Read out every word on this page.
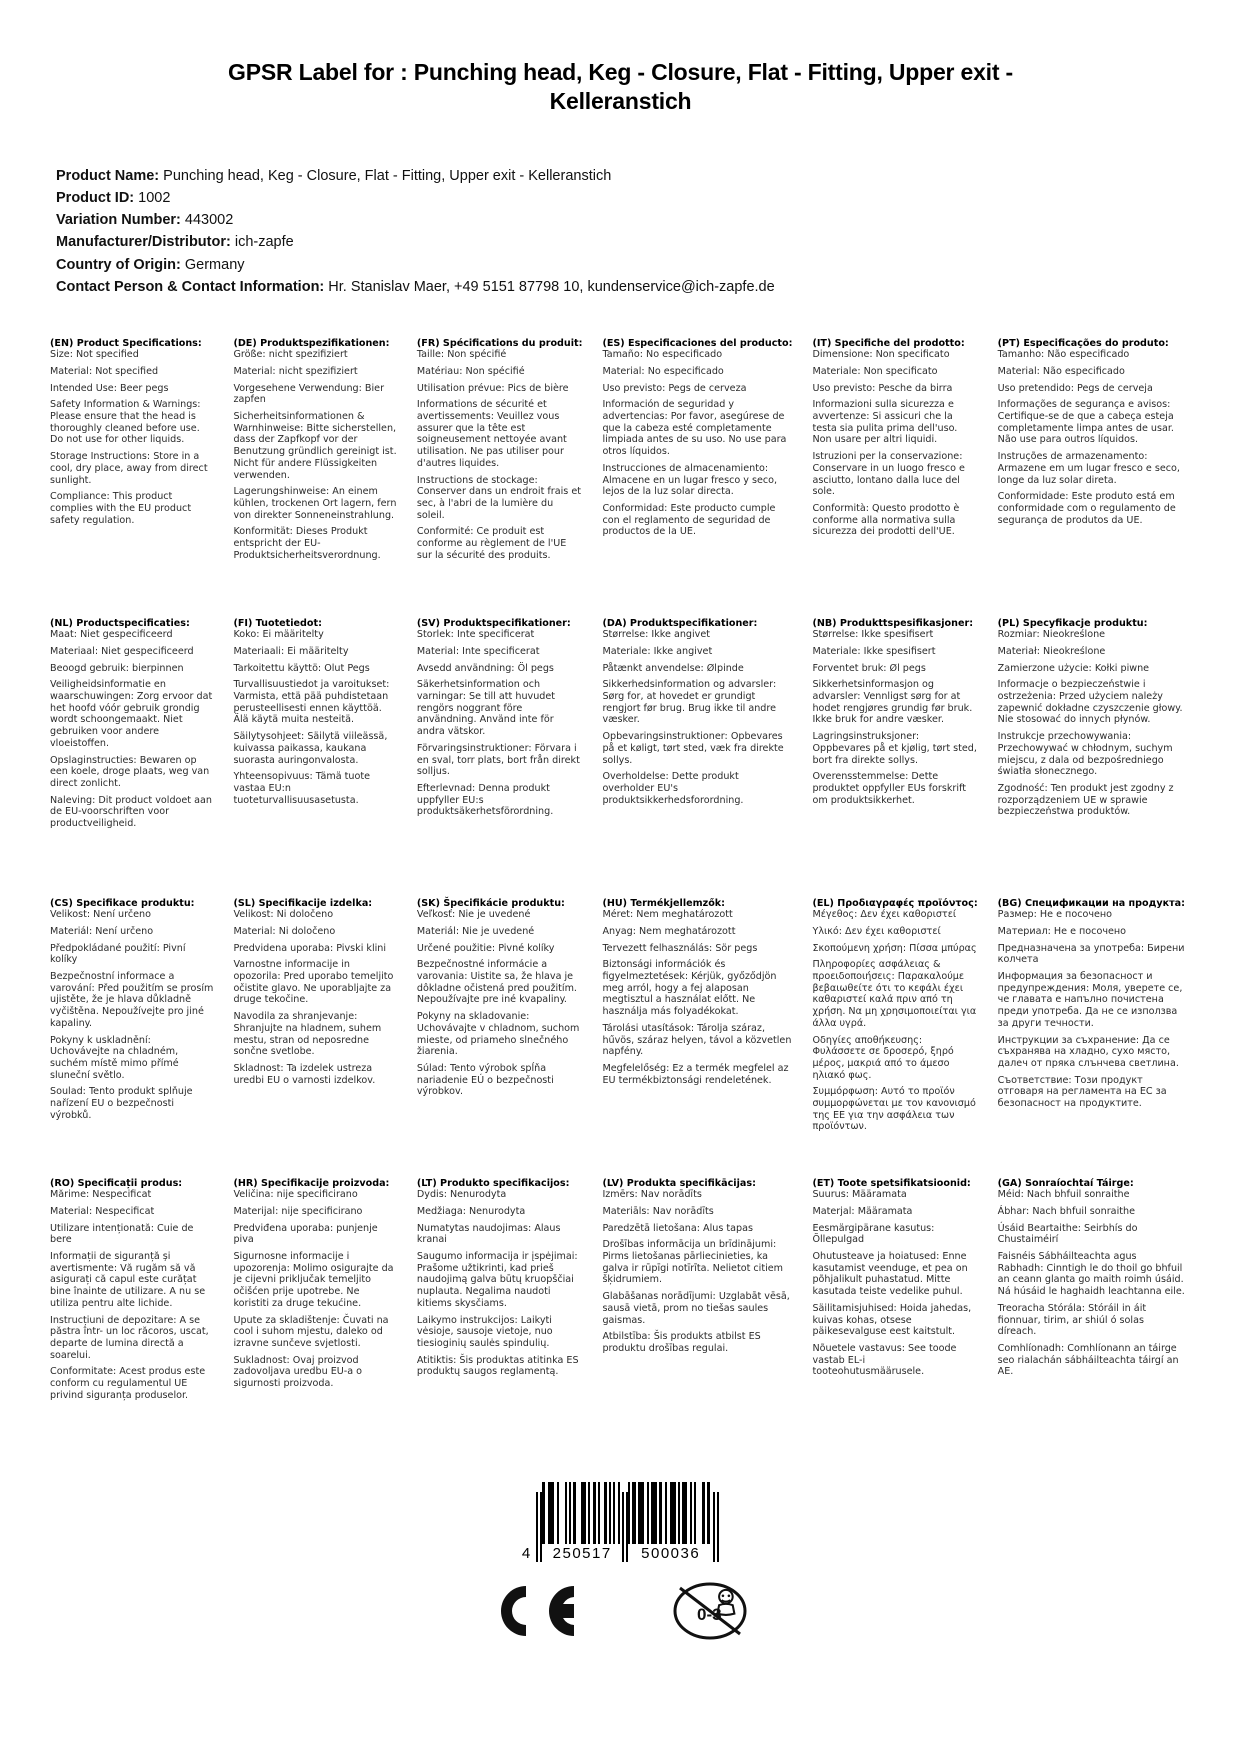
GPSR Label for : Punching head, Keg - Closure, Flat - Fitting, Upper exit - Kelleranstich
Product Name: Punching head, Keg - Closure, Flat - Fitting, Upper exit - Kelleranstich
Product ID: 1002
Variation Number: 443002
Manufacturer/Distributor: ich-zapfe
Country of Origin: Germany
Contact Person & Contact Information: Hr. Stanislav Maer, +49 5151 87798 10, kundenservice@ich-zapfe.de
(EN) Product Specifications:
Size: Not specified
Material: Not specified
Intended Use: Beer pegs
Safety Information & Warnings: Please ensure that the head is thoroughly cleaned before use. Do not use for other liquids.
Storage Instructions: Store in a cool, dry place, away from direct sunlight.
Compliance: This product complies with the EU product safety regulation.
(DE) Produktspezifikationen:
Größe: nicht spezifiziert
Material: nicht spezifiziert
Vorgesehene Verwendung: Bier zapfen
Sicherheitsinformationen & Warnhinweise: Bitte sicherstellen, dass der Zapfkopf vor der Benutzung gründlich gereinigt ist. Nicht für andere Flüssigkeiten verwenden.
Lagerungshinweise: An einem kühlen, trockenen Ort lagern, fern von direkter Sonneneinstrahlung.
Konformität: Dieses Produkt entspricht der EU-Produktsicherheitsverordnung.
(FR) Spécifications du produit:
Taille: Non spécifié
Matériau: Non spécifié
Utilisation prévue: Pics de bière
Informations de sécurité et avertissements: Veuillez vous assurer que la tête est soigneusement nettoyée avant utilisation. Ne pas utiliser pour d'autres liquides.
Instructions de stockage: Conserver dans un endroit frais et sec, à l'abri de la lumière du soleil.
Conformité: Ce produit est conforme au règlement de l'UE sur la sécurité des produits.
(ES) Especificaciones del producto:
Tamaño: No especificado
Material: No especificado
Uso previsto: Pegs de cerveza
Información de seguridad y advertencias: Por favor, asegúrese de que la cabeza esté completamente limpiada antes de su uso. No use para otros líquidos.
Instrucciones de almacenamiento: Almacene en un lugar fresco y seco, lejos de la luz solar directa.
Conformidad: Este producto cumple con el reglamento de seguridad de productos de la UE.
(IT) Specifiche del prodotto:
Dimensione: Non specificato
Materiale: Non specificato
Uso previsto: Pesche da birra
Informazioni sulla sicurezza e avvertenze: Si assicuri che la testa sia pulita prima dell'uso. Non usare per altri liquidi.
Istruzioni per la conservazione: Conservare in un luogo fresco e asciutto, lontano dalla luce del sole.
Conformità: Questo prodotto è conforme alla normativa sulla sicurezza dei prodotti dell'UE.
(PT) Especificações do produto:
Tamanho: Não especificado
Material: Não especificado
Uso pretendido: Pegs de cerveja
Informações de segurança e avisos: Certifique-se de que a cabeça esteja completamente limpa antes de usar. Não use para outros líquidos.
Instruções de armazenamento: Armazene em um lugar fresco e seco, longe da luz solar direta.
Conformidade: Este produto está em conformidade com o regulamento de segurança de produtos da UE.
(NL) Productspecificaties:
Maat: Niet gespecificeerd
Materiaal: Niet gespecificeerd
Beoogd gebruik: bierpinnen
Veiligheidsinformatie en waarschuwingen: Zorg ervoor dat het hoofd vóór gebruik grondig wordt schoongemaakt. Niet gebruiken voor andere vloeistoffen.
Opslaginstructies: Bewaren op een koele, droge plaats, weg van direct zonlicht.
Naleving: Dit product voldoet aan de EU-voorschriften voor productveiligheid.
(FI) Tuotetiedot:
Koko: Ei määritelty
Materiaali: Ei määritelty
Tarkoitettu käyttö: Olut Pegs
Turvallisuustiedot ja varoitukset: Varmista, että pää puhdistetaan perusteellisesti ennen käyttöä. Älä käytä muita nesteitä.
Säilytysohjeet: Säilytä viileässä, kuivassa paikassa, kaukana suorasta auringonvalosta.
Yhteensopivuus: Tämä tuote vastaa EU:n tuoteturvallisuusasetusta.
(SV) Produktspecifikationer:
Storlek: Inte specificerat
Material: Inte specificerat
Avsedd användning: Öl pegs
Säkerhetsinformation och varningar: Se till att huvudet rengörs noggrant före användning. Använd inte för andra vätskor.
Förvaringsinstruktioner: Förvara i en sval, torr plats, bort från direkt solljus.
Efterlevnad: Denna produkt uppfyller EU:s produktsäkerhetsförordning.
(DA) Produktspecifikationer:
Størrelse: Ikke angivet
Materiale: Ikke angivet
Påtænkt anvendelse: Ølpinde
Sikkerhedsinformation og advarsler: Sørg for, at hovedet er grundigt rengjort før brug. Brug ikke til andre væsker.
Opbevaringsinstruktioner: Opbevares på et køligt, tørt sted, væk fra direkte sollys.
Overholdelse: Dette produkt overholder EU's produktsikkerhedsforordning.
(NB) Produkttspesifikasjoner:
Størrelse: Ikke spesifisert
Materiale: Ikke spesifisert
Forventet bruk: Øl pegs
Sikkerhetsinformasjon og advarsler: Vennligst sørg for at hodet rengjøres grundig før bruk. Ikke bruk for andre væsker.
Lagringsinstruksjoner: Oppbevares på et kjølig, tørt sted, bort fra direkte sollys.
Overensstemmelse: Dette produktet oppfyller EUs forskrift om produktsikkerhet.
(PL) Specyfikacje produktu:
Rozmiar: Nieokreślone
Materiał: Nieokreślone
Zamierzone użycie: Kołki piwne
Informacje o bezpieczeństwie i ostrzeżenia: Przed użyciem należy zapewnić dokładne czyszczenie głowy. Nie stosować do innych płynów.
Instrukcje przechowywania: Przechowywać w chłodnym, suchym miejscu, z dala od bezpośredniego światła słonecznego.
Zgodność: Ten produkt jest zgodny z rozporządzeniem UE w sprawie bezpieczeństwa produktów.
(CS) Specifikace produktu:
Velikost: Není určeno
Materiál: Není určeno
Předpokládané použití: Pivní kolíky
Bezpečnostní informace a varování: Před použitím se prosím ujistěte, že je hlava důkladně vyčištěna. Nepoužívejte pro jiné kapaliny.
Pokyny k uskladnění: Uchovávejte na chladném, suchém místě mimo přímé sluneční světlo.
Soulad: Tento produkt splňuje nařízení EU o bezpečnosti výrobků.
(SL) Specifikacije izdelka:
Velikost: Ni določeno
Material: Ni določeno
Predvidena uporaba: Pivski klini
Varnostne informacije in opozorila: Pred uporabo temeljito očistite glavo. Ne uporabljajte za druge tekočine.
Navodila za shranjevanje: Shranjujte na hladnem, suhem mestu, stran od neposredne sončne svetlobe.
Skladnost: Ta izdelek ustreza uredbi EU o varnosti izdelkov.
(SK) Špecifikácie produktu:
Veľkosť: Nie je uvedené
Materiál: Nie je uvedené
Určené použitie: Pivné kolíky
Bezpečnostné informácie a varovania: Uistite sa, že hlava je dôkladne očistená pred použitím. Nepoužívajte pre iné kvapaliny.
Pokyny na skladovanie: Uchovávajte v chladnom, suchom mieste, od priameho slnečného žiarenia.
Súlad: Tento výrobok spĺňa nariadenie EÚ o bezpečnosti výrobkov.
(HU) Termékjellemzők:
Méret: Nem meghatározott
Anyag: Nem meghatározott
Tervezett felhasználás: Sör pegs
Biztonsági információk és figyelmeztetések: Kérjük, győződjön meg arról, hogy a fej alaposan megtisztul a használat előtt. Ne használja más folyadékokat.
Tárolási utasítások: Tárolja száraz, hűvös, száraz helyen, távol a közvetlen napfény.
Megfelelőség: Ez a termék megfelel az EU termékbiztonsági rendeletének.
(EL) Προδιαγραφές προϊόντος:
Μέγεθος: Δεν έχει καθοριστεί
Υλικό: Δεν έχει καθοριστεί
Σκοπούμενη χρήση: Πίσσα μπύρας
Πληροφορίες ασφάλειας & προειδοποιήσεις: Παρακαλούμε βεβαιωθείτε ότι το κεφάλι έχει καθαριστεί καλά πριν από τη χρήση. Να μη χρησιμοποιείται για άλλα υγρά.
Οδηγίες αποθήκευσης: Φυλάσσετε σε δροσερό, ξηρό μέρος, μακριά από το άμεσο ηλιακό φως.
Συμμόρφωση: Αυτό το προϊόν συμμορφώνεται με τον κανονισμό της ΕΕ για την ασφάλεια των προϊόντων.
(BG) Спецификации на продукта:
Размер: Не е посочено
Материал: Не е посочено
Предназначена за употреба: Бирени колчета
Информация за безопасност и предупреждения: Моля, уверете се, че главата е напълно почистена преди употреба. Да не се използва за други течности.
Инструкции за съхранение: Да се съхранява на хладно, сухо място, далеч от пряка слънчева светлина.
Съответствие: Този продукт отговаря на регламента на ЕС за безопасност на продуктите.
(RO) Specificații produs:
Mărime: Nespecificat
Material: Nespecificat
Utilizare intenționată: Cuie de bere
Informații de siguranță și avertismente: Vă rugăm să vă asigurați că capul este curățat bine înainte de utilizare. A nu se utiliza pentru alte lichide.
Instrucțiuni de depozitare: A se păstra într- un loc răcoros, uscat, departe de lumina directă a soarelui.
Conformitate: Acest produs este conform cu regulamentul UE privind siguranța produselor.
(HR) Specifikacije proizvoda:
Veličina: nije specificirano
Materijal: nije specificirano
Predviđena uporaba: punjenje piva
Sigurnosne informacije i upozorenja: Molimo osigurajte da je cijevni priključak temeljito očišćen prije upotrebe. Ne koristiti za druge tekućine.
Upute za skladištenje: Čuvati na cool i suhom mjestu, daleko od izravne sunčeve svjetlosti.
Sukladnost: Ovaj proizvod zadovoljava uredbu EU-a o sigurnosti proizvoda.
(LT) Produkto specifikacijos:
Dydis: Nenurodyta
Medžiaga: Nenurodyta
Numatytas naudojimas: Alaus kranai
Saugumo informacija ir įspėjimai: Prašome užtikrinti, kad prieš naudojimą galva būtų kruopščiai nuplauta. Negalima naudoti kitiems skysčiams.
Laikymo instrukcijos: Laikyti vėsioje, sausoje vietoje, nuo tiesioginių saulės spindulių.
Atitiktis: Šis produktas atitinka ES produktų saugos reglamentą.
(LV) Produkta specifikācijas:
Izmērs: Nav norādīts
Materiāls: Nav norādīts
Paredzētā lietošana: Alus tapas
Drošības informācija un brīdinājumi: Pirms lietošanas pārliecinieties, ka galva ir rūpīgi notīrīta. Nelietot citiem šķidrumiem.
Glabāšanas norādījumi: Uzglabāt vēsā, sausā vietā, prom no tiešas saules gaismas.
Atbilstība: Šis produkts atbilst ES produktu drošības regulai.
(ET) Toote spetsifikatsioonid:
Suurus: Määramata
Materjal: Määramata
Eesmärgipärane kasutus: Õllepulgad
Ohutusteave ja hoiatused: Enne kasutamist veenduge, et pea on põhjalikult puhastatud. Mitte kasutada teiste vedelike puhul.
Säilitamisjuhised: Hoida jahedas, kuivas kohas, otsese päikesevalguse eest kaitstult.
Nõuetele vastavus: See toode vastab EL-i tooteohutusmäärusele.
(GA) Sonraíochtaí Táirge:
Méid: Nach bhfuil sonraithe
Ábhar: Nach bhfuil sonraithe
Úsáid Beartaithe: Seirbhís do Chustaiméirí
Faisnéis Sábháilteachta agus Rabhadh: Cinntigh le do thoil go bhfuil an ceann glanta go maith roimh úsáid. Ná húsáid le haghaidh leachtanna eile.
Treoracha Stórála: Stóráil in áit fionnuar, tirim, ar shiúl ó solas díreach.
Comhlíonadh: Comhlíonann an táirge seo rialachán sábháilteachta táirgí an AE.
4 250517 500036
0-3
